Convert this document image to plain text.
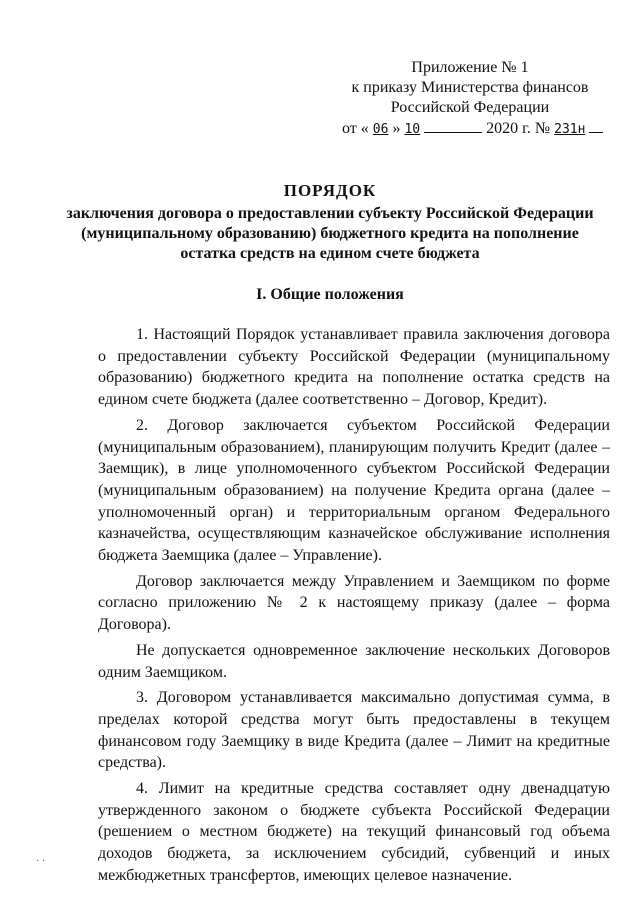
Приложение № 1
к приказу Министерства финансов
Российской Федерации
от « 06 » 10	2020 г. № 231н
ПОРЯДОК
заключения договора о предоставлении субъекту Российской Федерации (муниципальному образованию) бюджетного кредита на пополнение остатка средств на едином счете бюджета
I. Общие положения

1. Настоящий Порядок устанавливает правила заключения договора о предоставлении субъекту Российской Федерации (муниципальному образованию) бюджетного кредита на пополнение остатка средств на едином счете бюджета (далее соответственно – Договор, Кредит).

2. Договор заключается субъектом Российской Федерации (муниципальным образованием), планирующим получить Кредит (далее – Заемщик), в лице уполномоченного субъектом Российской Федерации (муниципальным образованием) на получение Кредита органа (далее – уполномоченный орган) и территориальным органом Федерального казначейства, осуществляющим казначейское обслуживание исполнения бюджета Заемщика (далее – Управление).

Договор заключается между Управлением и Заемщиком по форме согласно приложению № 2 к настоящему приказу (далее – форма Договора).

Не допускается одновременное заключение нескольких Договоров одним Заемщиком.

3. Договором устанавливается максимально допустимая сумма, в пределах которой средства могут быть предоставлены в текущем финансовом году Заемщику в виде Кредита (далее – Лимит на кредитные средства).

4. Лимит на кредитные средства составляет одну двенадцатую утвержденного законом о бюджете субъекта Российской Федерации (решением о местном бюджете) на текущий финансовый год объема доходов бюджета, за исключением субсидий, субвенций и иных межбюджетных трансфертов, имеющих целевое назначение.

· ·
